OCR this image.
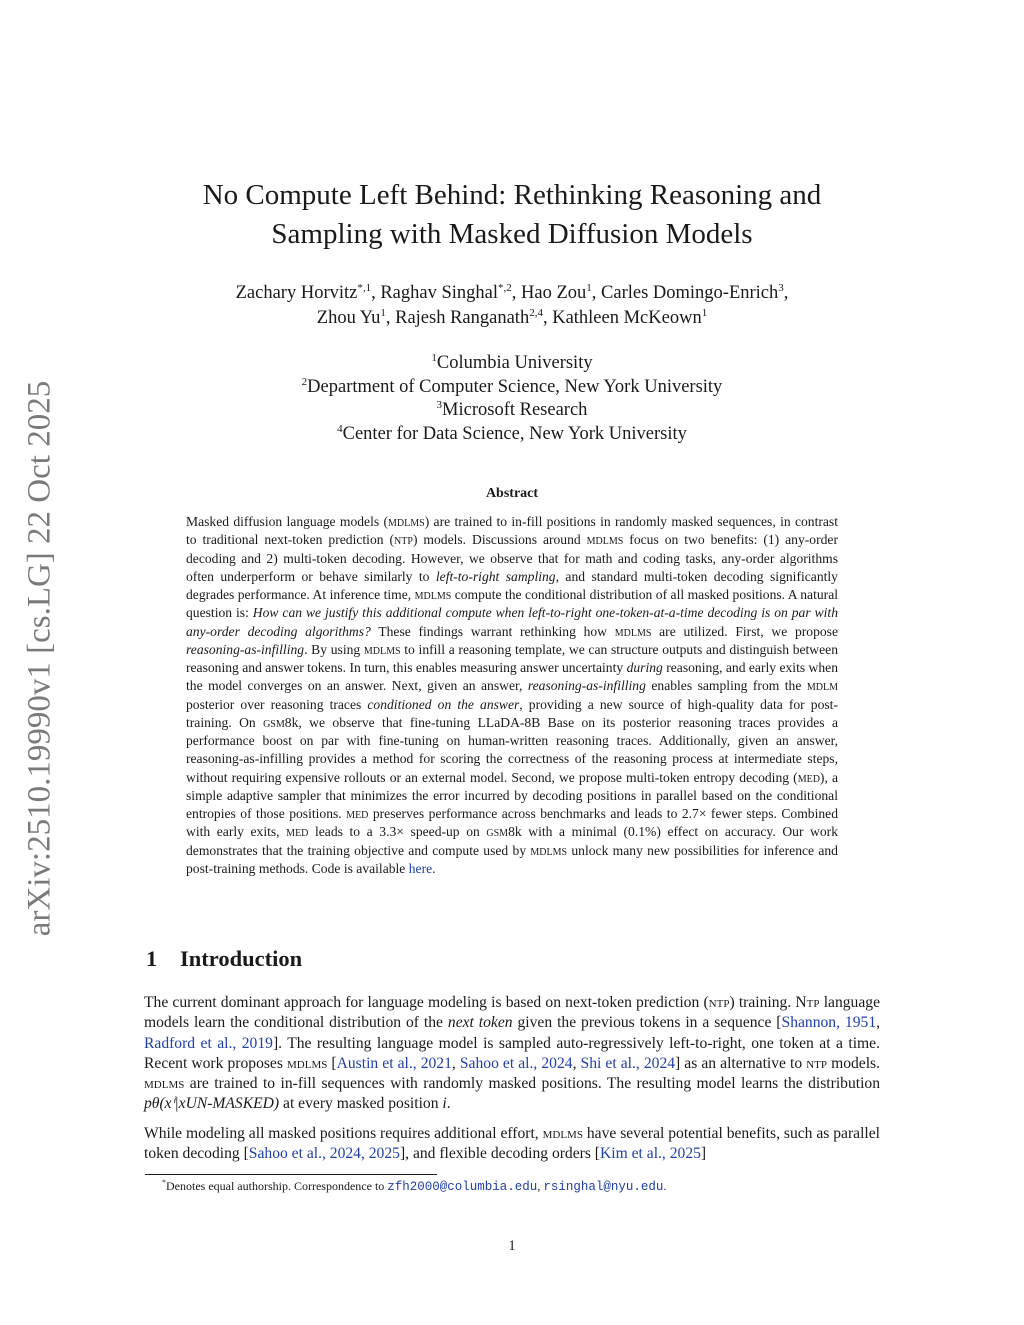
arXiv:2510.19990v1 [cs.LG] 22 Oct 2025
No Compute Left Behind: Rethinking Reasoning and
Sampling with Masked Diffusion Models
Zachary Horvitz$^{*,1}$, Raghav Singhal$^{*,2}$, Hao Zou$^1$, Carles Domingo-Enrich$^3$,
Zhou Yu$^1$, Rajesh Ranganath$^{2,4}$, Kathleen McKeown$^1$
$^1$Columbia University
$^2$Department of Computer Science, New York University
$^3$Microsoft Research
$^4$Center for Data Science, New York University
Abstract
Masked diffusion language models (mdlms) are trained to in-fill positions in randomly masked sequences, in contrast to traditional next-token prediction (ntp) models. Discussions around mdlms focus on two benefits: (1) any-order decoding and 2) multi-token decoding. However, we observe that for math and coding tasks, any-order algorithms often underperform or behave similarly to left-to-right sampling, and standard multi-token decoding significantly degrades performance. At inference time, mdlms compute the conditional distribution of all masked positions. A natural question is: How can we justify this additional compute when left-to-right one-token-at-a-time decoding is on par with any-order decoding algorithms? These findings warrant rethinking how mdlms are utilized. First, we propose reasoning-as-infilling. By using mdlms to infill a reasoning template, we can structure outputs and distinguish between reasoning and answer tokens. In turn, this enables measuring answer uncertainty during reasoning, and early exits when the model converges on an answer. Next, given an answer, reasoning-as-infilling enables sampling from the mdlm posterior over reasoning traces conditioned on the answer, providing a new source of high-quality data for post-training. On gsm8k, we observe that fine-tuning LLaDA-8B Base on its posterior reasoning traces provides a performance boost on par with fine-tuning on human-written reasoning traces. Additionally, given an answer, reasoning-as-infilling provides a method for scoring the correctness of the reasoning process at intermediate steps, without requiring expensive rollouts or an external model. Second, we propose multi-token entropy decoding (med), a simple adaptive sampler that minimizes the error incurred by decoding positions in parallel based on the conditional entropies of those positions. med preserves performance across benchmarks and leads to 2.7× fewer steps. Combined with early exits, med leads to a 3.3× speed-up on gsm8k with a minimal (0.1%) effect on accuracy. Our work demonstrates that the training objective and compute used by mdlms unlock many new possibilities for inference and post-training methods. Code is available here.
1 Introduction
The current dominant approach for language modeling is based on next-token prediction (ntp) training. Ntp language models learn the conditional distribution of the next token given the previous tokens in a sequence [Shannon, 1951, Radford et al., 2019]. The resulting language model is sampled auto-regressively left-to-right, one token at a time. Recent work proposes mdlms [Austin et al., 2021, Sahoo et al., 2024, Shi et al., 2024] as an alternative to ntp models. mdlms are trained to in-fill sequences with randomly masked positions. The resulting model learns the distribution pθ(xⁱ|xUN-MASKED) at every masked position i.
While modeling all masked positions requires additional effort, mdlms have several potential benefits, such as parallel token decoding [Sahoo et al., 2024, 2025], and flexible decoding orders [Kim et al., 2025]
*Denotes equal authorship. Correspondence to zfh2000@columbia.edu, rsinghal@nyu.edu.
1
